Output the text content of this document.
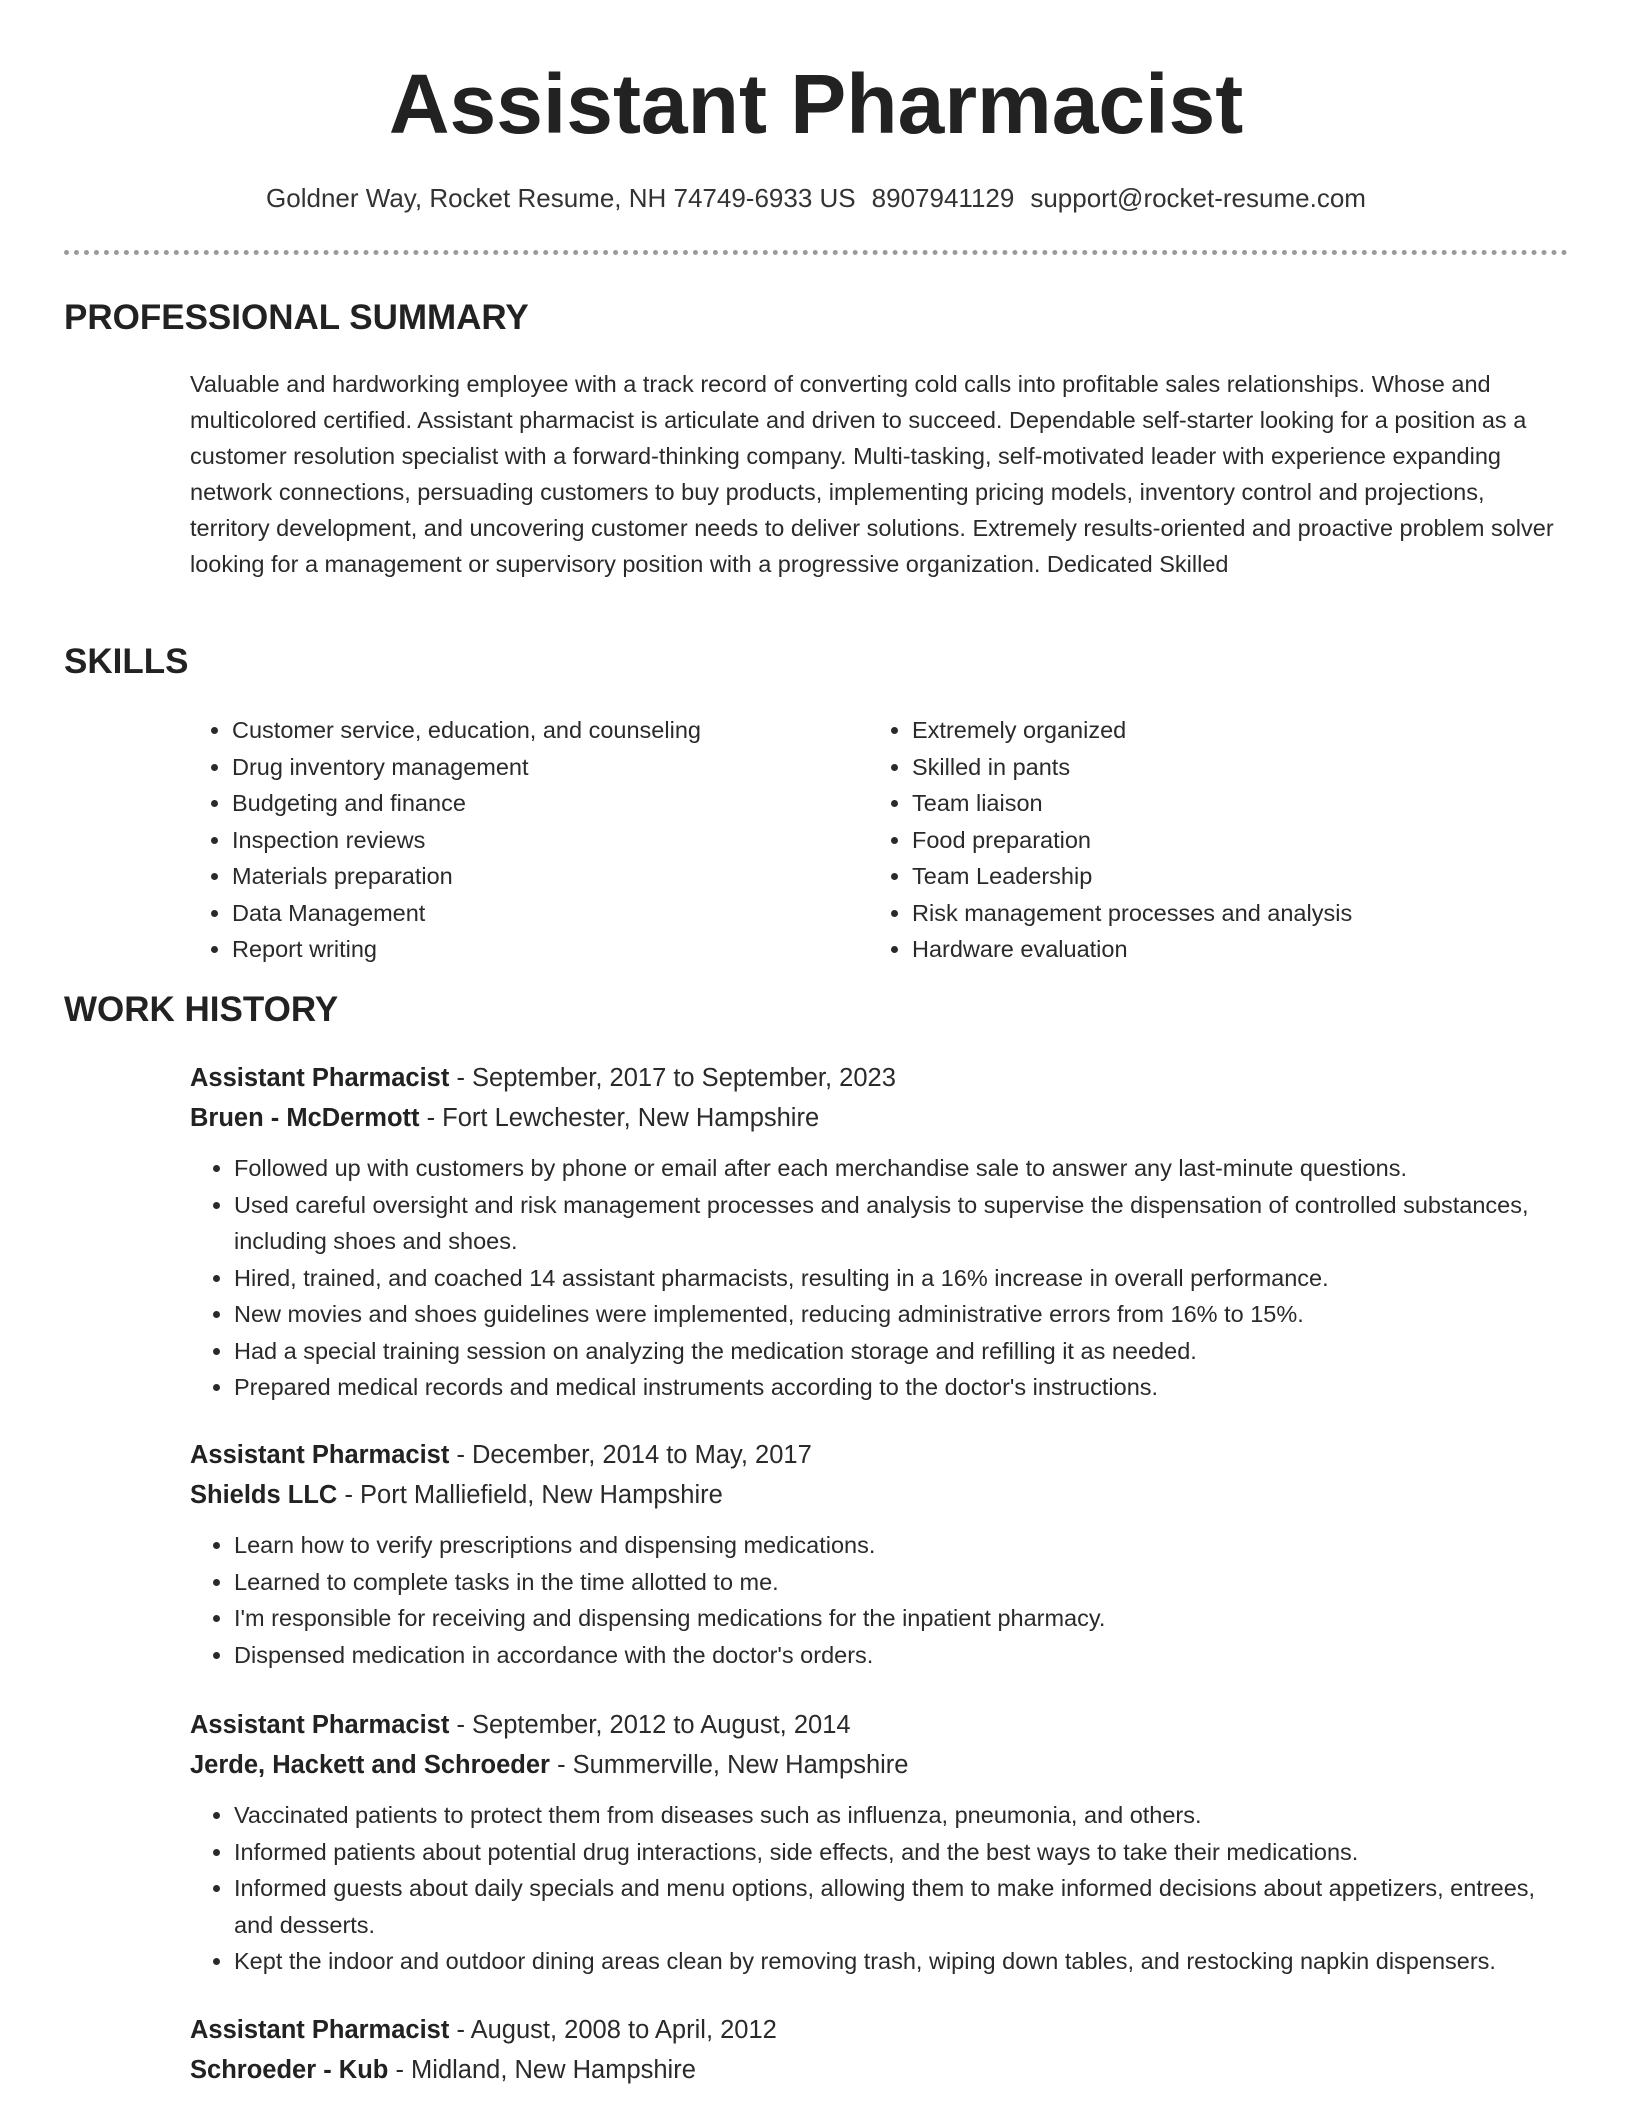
Assistant Pharmacist
Goldner Way, Rocket Resume, NH 74749-6933 US 8907941129 support@rocket-resume.com
PROFESSIONAL SUMMARY

Valuable and hardworking employee with a track record of converting cold calls into profitable sales relationships. Whose and multicolored certified. Assistant pharmacist is articulate and driven to succeed. Dependable self-starter looking for a position as a customer resolution specialist with a forward-thinking company. Multi-tasking, self-motivated leader with experience expanding network connections, persuading customers to buy products, implementing pricing models, inventory control and projections, territory development, and uncovering customer needs to deliver solutions. Extremely results-oriented and proactive problem solver looking for a management or supervisory position with a progressive organization. Dedicated Skilled

SKILLS
• Customer service, education, and counseling
• Drug inventory management
• Budgeting and finance
• Inspection reviews
• Materials preparation
• Data Management
• Report writing
• Extremely organized
• Skilled in pants
• Team liaison
• Food preparation
• Team Leadership
• Risk management processes and analysis
• Hardware evaluation
WORK HISTORY

Assistant Pharmacist - September, 2017 to September, 2023

Bruen - McDermott - Fort Lewchester, New Hampshire

• Followed up with customers by phone or email after each merchandise sale to answer any last-minute questions.
• Used careful oversight and risk management processes and analysis to supervise the dispensation of controlled substances, including shoes and shoes.
• Hired, trained, and coached 14 assistant pharmacists, resulting in a 16% increase in overall performance.
• New movies and shoes guidelines were implemented, reducing administrative errors from 16% to 15%.
• Had a special training session on analyzing the medication storage and refilling it as needed.
• Prepared medical records and medical instruments according to the doctor's instructions.

Assistant Pharmacist - December, 2014 to May, 2017

Shields LLC - Port Malliefield, New Hampshire

• Learn how to verify prescriptions and dispensing medications.
• Learned to complete tasks in the time allotted to me.
• I'm responsible for receiving and dispensing medications for the inpatient pharmacy.
• Dispensed medication in accordance with the doctor's orders.

Assistant Pharmacist - September, 2012 to August, 2014

Jerde, Hackett and Schroeder - Summerville, New Hampshire

• Vaccinated patients to protect them from diseases such as influenza, pneumonia, and others.
• Informed patients about potential drug interactions, side effects, and the best ways to take their medications.
• Informed guests about daily specials and menu options, allowing them to make informed decisions about appetizers, entrees, and desserts.
• Kept the indoor and outdoor dining areas clean by removing trash, wiping down tables, and restocking napkin dispensers.

Assistant Pharmacist - August, 2008 to April, 2012

Schroeder - Kub - Midland, New Hampshire
